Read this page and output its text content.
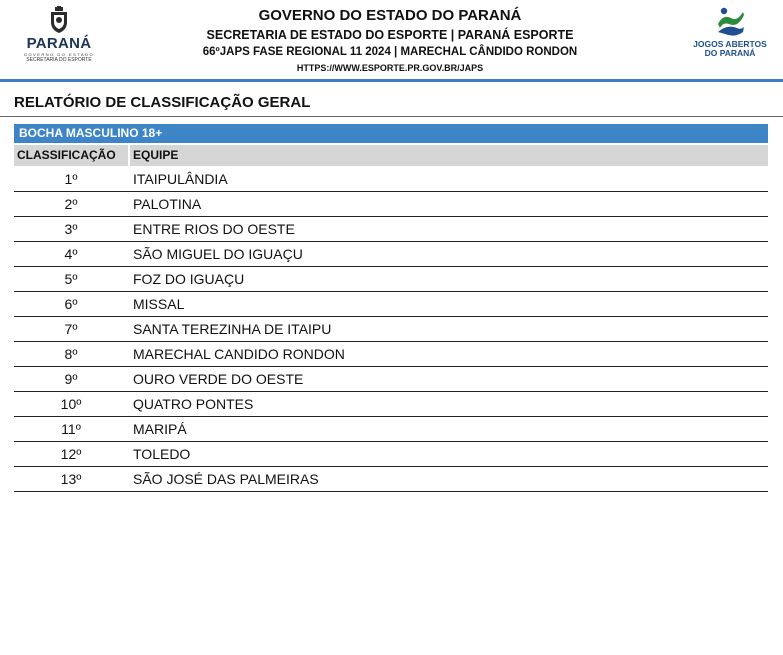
PARANÁ
GOVERNO DO ESTADO
SECRETARIA DO ESPORTE
GOVERNO DO ESTADO DO PARANÁ
SECRETARIA DE ESTADO DO ESPORTE | PARANÁ ESPORTE
66ºJAPS FASE REGIONAL 11 2024 | MARECHAL CÂNDIDO RONDON
HTTPS://WWW.ESPORTE.PR.GOV.BR/JAPS
JOGOS ABERTOS
DO PARANÁ
RELATÓRIO DE CLASSIFICAÇÃO GERAL
BOCHA MASCULINO 18+
CLASSIFICAÇÃO EQUIPE
1º	ITAIPULÂNDIA
2º	PALOTINA
3º	ENTRE RIOS DO OESTE
4º	SÃO MIGUEL DO IGUAÇU
5º	FOZ DO IGUAÇU
6º	MISSAL
7º	SANTA TEREZINHA DE ITAIPU
8º	MARECHAL CANDIDO RONDON
9º	OURO VERDE DO OESTE
10º	QUATRO PONTES
11º	MARIPÁ
12º	TOLEDO
13º	SÃO JOSÉ DAS PALMEIRAS
